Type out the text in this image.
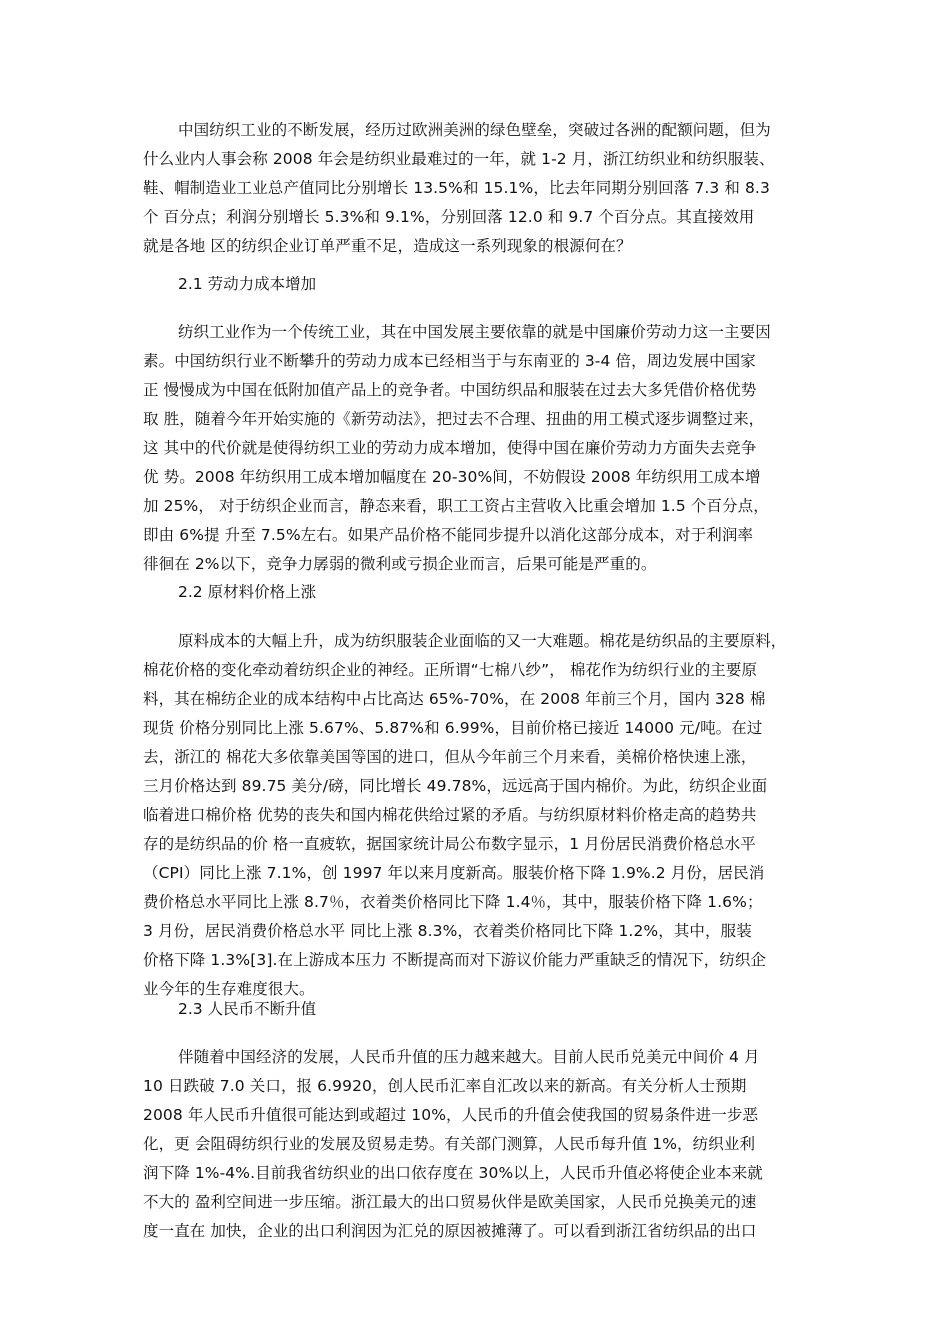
中国纺织工业的不断发展，经历过欧洲美洲的绿色壁垒，突破过各洲的配额问题，但为
什么业内人事会称 2008 年会是纺织业最难过的一年，就 1-2 月，浙江纺织业和纺织服装、
鞋、帽制造业工业总产值同比分别增长 13.5%和 15.1%，比去年同期分别回落 7.3 和 8.3
个 百分点；利润分别增长 5.3%和 9.1%，分别回落 12.0 和 9.7 个百分点。其直接效用
就是各地 区的纺织企业订单严重不足，造成这一系列现象的根源何在？
2.1 劳动力成本增加
纺织工业作为一个传统工业，其在中国发展主要依靠的就是中国廉价劳动力这一主要因
素。中国纺织行业不断攀升的劳动力成本已经相当于与东南亚的 3-4 倍，周边发展中国家
正 慢慢成为中国在低附加值产品上的竞争者。中国纺织品和服装在过去大多凭借价格优势
取 胜，随着今年开始实施的《新劳动法》，把过去不合理、扭曲的用工模式逐步调整过来，
这 其中的代价就是使得纺织工业的劳动力成本增加，使得中国在廉价劳动力方面失去竞争
优 势。2008 年纺织用工成本增加幅度在 20-30%间，不妨假设 2008 年纺织用工成本增
加 25%， 对于纺织企业而言，静态来看，职工工资占主营收入比重会增加 1.5 个百分点，
即由 6%提 升至 7.5%左右。如果产品价格不能同步提升以消化这部分成本，对于利润率
徘徊在 2%以下，竞争力孱弱的微利或亏损企业而言，后果可能是严重的。
2.2 原材料价格上涨
原料成本的大幅上升，成为纺织服装企业面临的又一大难题。棉花是纺织品的主要原料，
棉花价格的变化牵动着纺织企业的神经。正所谓“七棉八纱”， 棉花作为纺织行业的主要原
料，其在棉纺企业的成本结构中占比高达 65%-70%，在 2008 年前三个月，国内 328 棉
现货 价格分别同比上涨 5.67%、5.87%和 6.99%，目前价格已接近 14000 元/吨。在过
去，浙江的 棉花大多依靠美国等国的进口，但从今年前三个月来看，美棉价格快速上涨，
三月价格达到 89.75 美分/磅，同比增长 49.78%，远远高于国内棉价。为此，纺织企业面
临着进口棉价格 优势的丧失和国内棉花供给过紧的矛盾。与纺织原材料价格走高的趋势共
存的是纺织品的价 格一直疲软，据国家统计局公布数字显示，1 月份居民消费价格总水平
（CPI）同比上涨 7.1%，创 1997 年以来月度新高。服装价格下降 1.9%.2 月份，居民消
费价格总水平同比上涨 8.7％，衣着类价格同比下降 1.4％，其中，服装价格下降 1.6%；
3 月份，居民消费价格总水平 同比上涨 8.3%，衣着类价格同比下降 1.2%，其中，服装
价格下降 1.3%[3].在上游成本压力 不断提高而对下游议价能力严重缺乏的情况下，纺织企
业今年的生存难度很大。
2.3 人民币不断升值
伴随着中国经济的发展，人民币升值的压力越来越大。目前人民币兑美元中间价 4 月
10 日跌破 7.0 关口，报 6.9920，创人民币汇率自汇改以来的新高。有关分析人士预期
2008 年人民币升值很可能达到或超过 10%，人民币的升值会使我国的贸易条件进一步恶
化，更 会阻碍纺织行业的发展及贸易走势。有关部门测算，人民币每升值 1%，纺织业利
润下降 1%-4%.目前我省纺织业的出口依存度在 30%以上，人民币升值必将使企业本来就
不大的 盈利空间进一步压缩。浙江最大的出口贸易伙伴是欧美国家，人民币兑换美元的速
度一直在 加快，企业的出口利润因为汇兑的原因被摊薄了。可以看到浙江省纺织品的出口
